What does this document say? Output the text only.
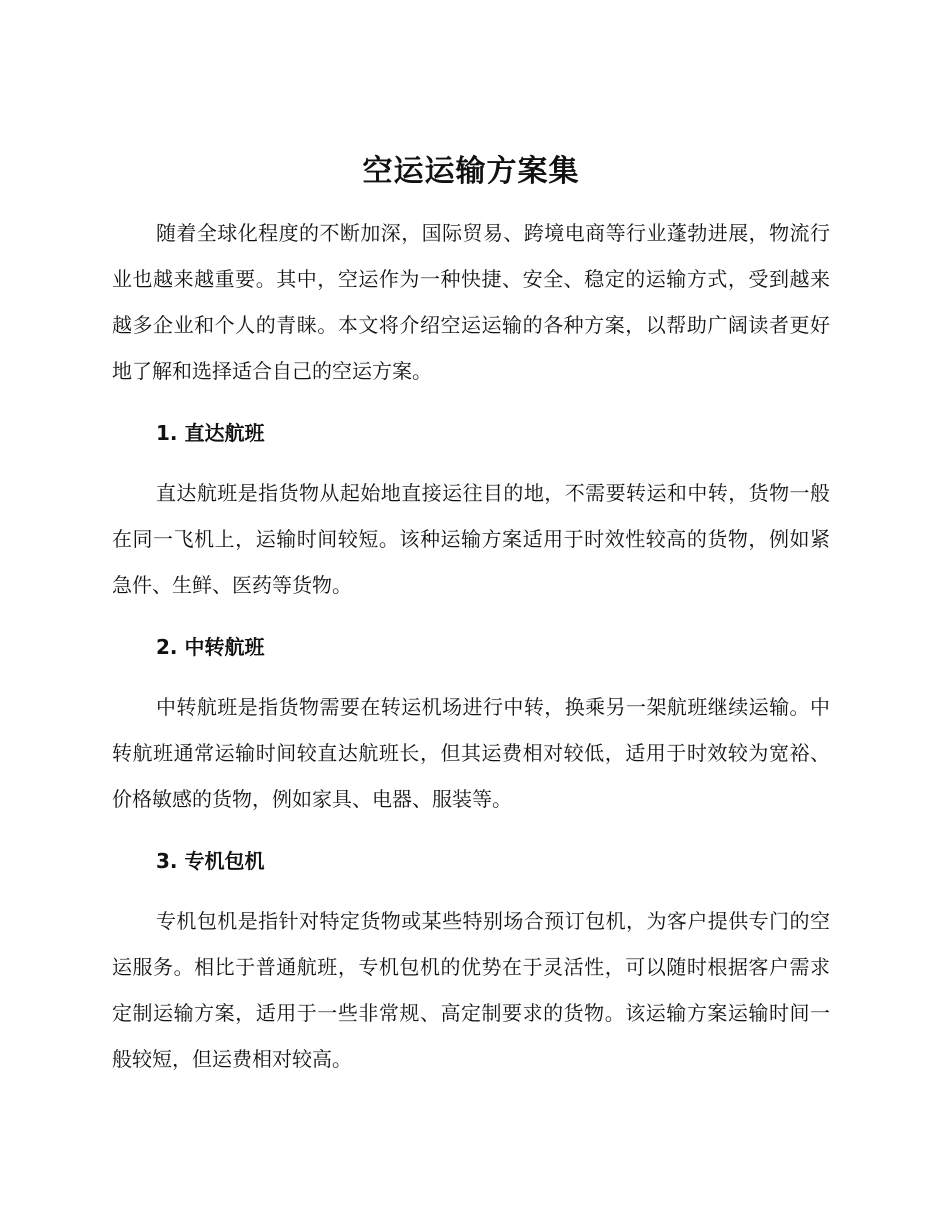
空运运输方案集

随着全球化程度的不断加深，国际贸易、跨境电商等行业蓬勃进展，物流行业也越来越重要。其中，空运作为一种快捷、安全、稳定的运输方式，受到越来越多企业和个人的青睐。本文将介绍空运运输的各种方案，以帮助广阔读者更好地了解和选择适合自己的空运方案。

1. 直达航班

直达航班是指货物从起始地直接运往目的地，不需要转运和中转，货物一般在同一飞机上，运输时间较短。该种运输方案适用于时效性较高的货物，例如紧急件、生鲜、医药等货物。

2. 中转航班

中转航班是指货物需要在转运机场进行中转，换乘另一架航班继续运输。中转航班通常运输时间较直达航班长，但其运费相对较低，适用于时效较为宽裕、价格敏感的货物，例如家具、电器、服装等。

3. 专机包机

专机包机是指针对特定货物或某些特别场合预订包机，为客户提供专门的空运服务。相比于普通航班，专机包机的优势在于灵活性，可以随时根据客户需求定制运输方案，适用于一些非常规、高定制要求的货物。该运输方案运输时间一般较短，但运费相对较高。
